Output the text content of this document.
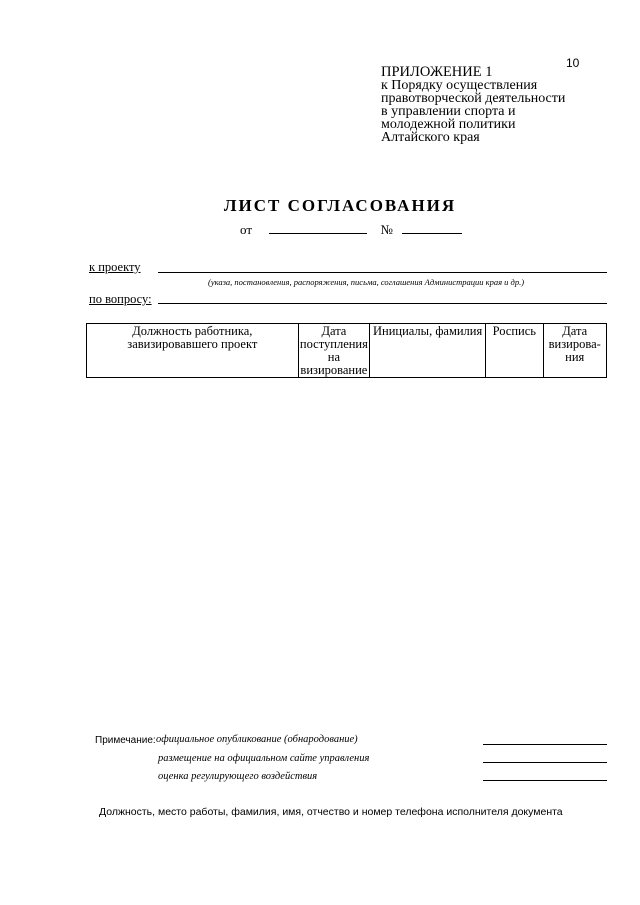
10
ПРИЛОЖЕНИЕ 1
к Порядку осуществления
правотворческой деятельности
в управлении спорта и
молодежной политики
Алтайского края
ЛИСТ СОГЛАСОВАНИЯ
от	№
к проекту
(указа, постановления, распоряжения, письма, соглашения Администрации края и др.)
по вопросу:
Должность работника, завизировавшего проект	Дата поступления на визирование	Инициалы, фамилия	Роспись	Дата визирова-ния
Примечание: официальное опубликование (обнародование)
размещение на официальном сайте управления
оценка регулирующего воздействия
Должность, место работы, фамилия, имя, отчество и номер телефона исполнителя документа
